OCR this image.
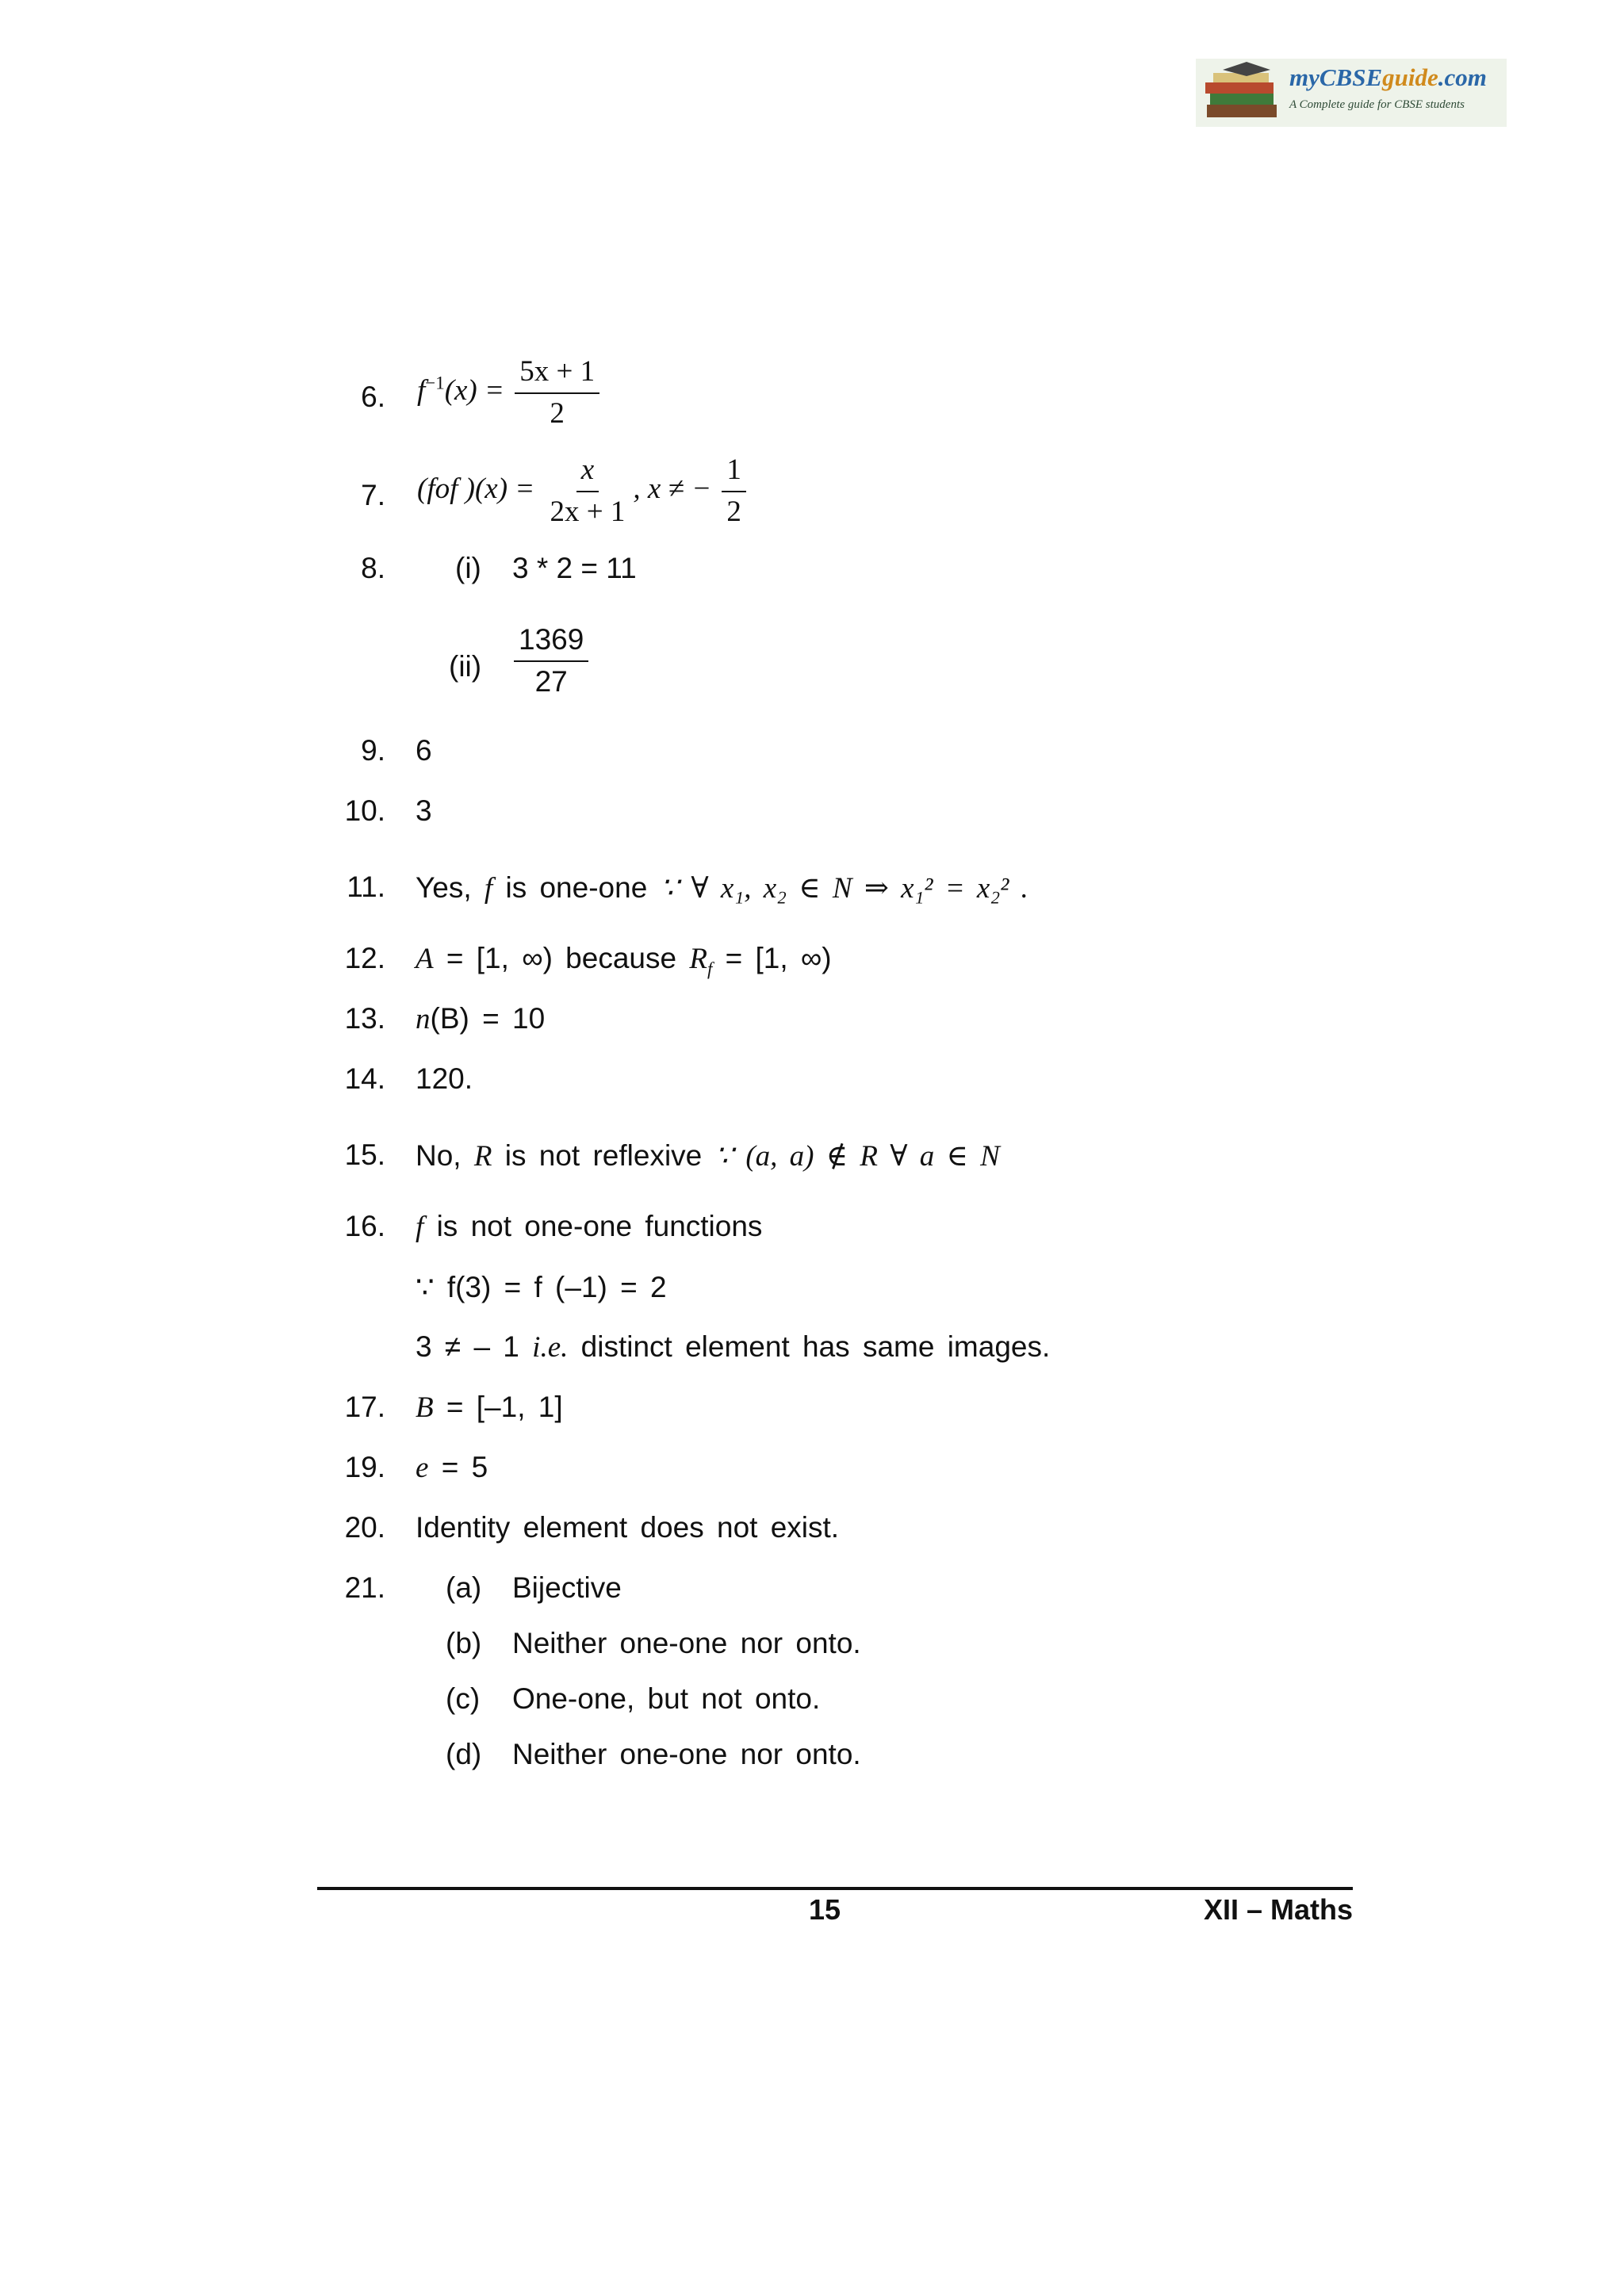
myCBSEguide.com
A Complete guide for CBSE students
6. $f^{-1}(x) = \frac{5x + 1}{2}$
7. (fof )$(x) = \frac{x}{2x + 1}$ , x ≠ − $\frac{1}{2}$
8. (i) 3 * 2 = 11
$(ii) \frac{1369}{27}$
9. 6
10. 3
11. Yes, f is one-one ∵ ∀ x₁, x₂ ∈ N ⇒ x₁² = x₂² .
12. A = [1, ∞) because $R_f = [1$, ∞)
13. n(B) = 10
14. 120.
15. No, R is not reflexive ∵ (a, a) ∉ R ∀ a ∈ N
16. f is not one-one functions
∵ f(3) = f (–1) = 2
3 ≠ – 1 i.e. distinct element has same images.
17. B = [–1, 1]
19. e = 5
20. Identity element does not exist.
21. (a) Bijective
(b) Neither one-one nor onto.
(c) One-one, but not onto.
(d) Neither one-one nor onto.
15	XII – Maths
